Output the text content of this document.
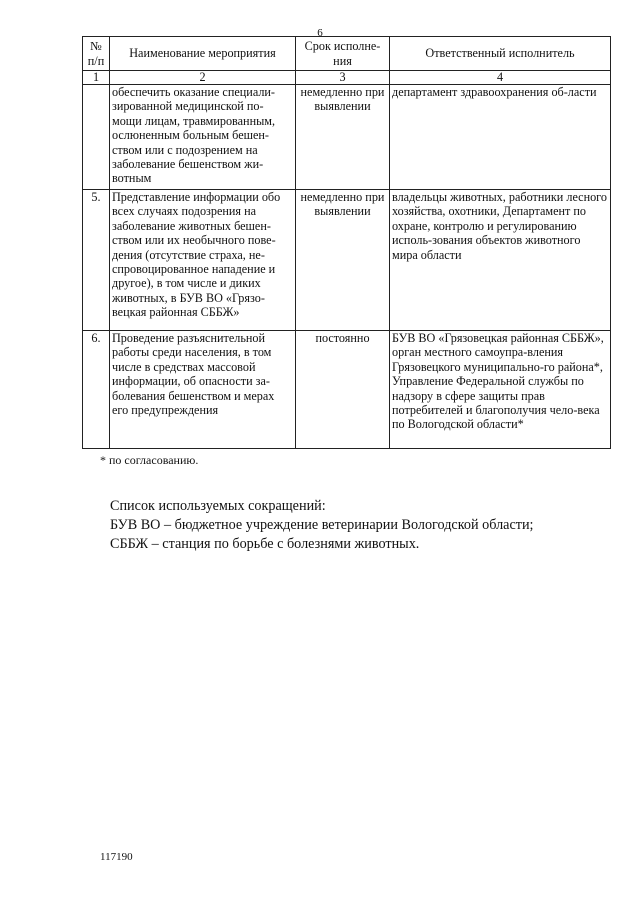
6
№ п/п	Наименование мероприятия	Срок исполне-ния	Ответственный исполнитель
1	2	3	4
	обеспечить оказание специали-зированной медицинской по-мощи лицам, травмированным, ослюненным больным бешен-ством или с подозрением на заболевание бешенством жи-вотным	немедленно при выявлении	департамент здравоохранения об-ласти
5.	Представление информации обо всех случаях подозрения на заболевание животных бешен-ством или их необычного пове-дения (отсутствие страха, не-спровоцированное нападение и другое), в том числе и диких животных, в БУВ ВО «Грязо-вецкая районная СББЖ»	немедленно при выявлении	владельцы животных, работники лесного хозяйства, охотники, Департамент по охране, контролю и регулированию исполь-зования объектов животного мира области
6.	Проведение разъяснительной работы среди населения, в том числе в средствах массовой информации, об опасности за-болевания бешенством и мерах его предупреждения	постоянно	БУВ ВО «Грязовецкая районная СББЖ», орган местного самоупра-вления Грязовецкого муниципально-го района*, Управление Федеральной службы по надзору в сфере защиты прав потребителей и благополучия чело-века по Вологодской области*
* по согласованию.
Список используемых сокращений:
БУВ ВО – бюджетное учреждение ветеринарии Вологодской области;
СББЖ – станция по борьбе с болезнями животных.
117190
